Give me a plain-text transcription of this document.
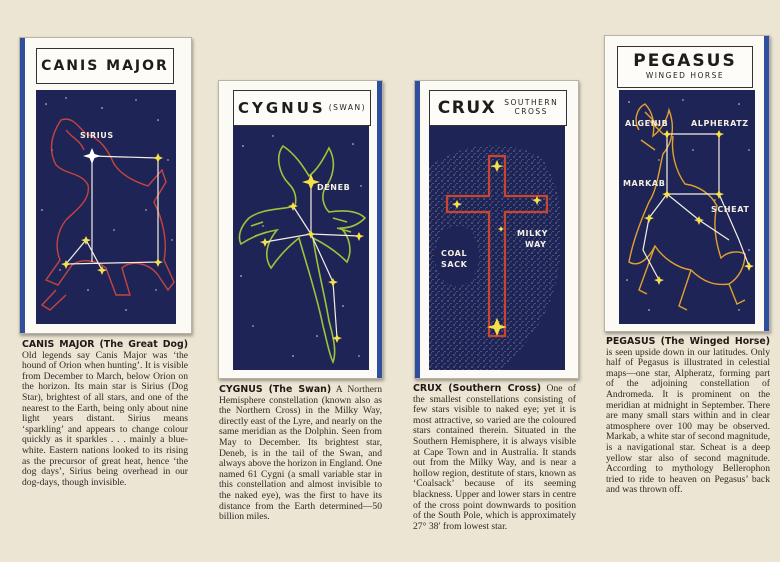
CANIS MAJOR
SIRIUS
CANIS MAJOR (The Great Dog) Old legends say Canis Major was ‘the hound of Orion when hunting’. It is visible from December to March, below Orion on the horizon. Its main star is Sirius (Dog Star), brightest of all stars, and one of the nearest to the Earth, being only about nine light years distant. Sirius means ‘sparkling’ and appears to change colour quickly as it sparkles . . . mainly a blue-white. Eastern nations looked to its rising as the precursor of great heat, hence ‘the dog days’, Sirius being overhead in our dog-days, though invisible.
CYGNUS (SWAN)
DENEB
CYGNUS (The Swan) A Northern Hemisphere constellation (known also as the Northern Cross) in the Milky Way, directly east of the Lyre, and nearly on the same meridian as the Dolphin. Seen from May to December. Its brightest star, Deneb, is in the tail of the Swan, and always above the horizon in England. One named 61 Cygni (a small variable star in this constellation and almost invisible to the naked eye), was the first to have its distance from the Earth determined—50 billion miles.
CRUX SOUTHERN
CROSS
COAL
SACK
MILKY
WAY
CRUX (Southern Cross) One of the smallest constellations consisting of few stars visible to naked eye; yet it is most attractive, so varied are the coloured stars contained therein. Situated in the Southern Hemisphere, it is always visible at Cape Town and in Australia. It stands out from the Milky Way, and is near a hollow region, destitute of stars, known as ‘Coalsack’ because of its seeming blackness. Upper and lower stars in centre of the cross point downwards to position of the South Pole, which is approximately 27° 38′ from lowest star.
PEGASUS
WINGED HORSE
ALGENIB	ALPHERATZ
MARKAB
SCHEAT
PEGASUS (The Winged Horse) is seen upside down in our latitudes. Only half of Pegasus is illustrated in celestial maps—one star, Alpheratz, forming part of the adjoining constellation of Andromeda. It is prominent on the meridian at midnight in September. There are many small stars within and in clear atmosphere over 100 may be observed. Markab, a white star of second magnitude, is a navigational star. Scheat is a deep yellow star also of second magnitude. According to mythology Bellerophon tried to ride to heaven on Pegasus’ back and was thrown off.
